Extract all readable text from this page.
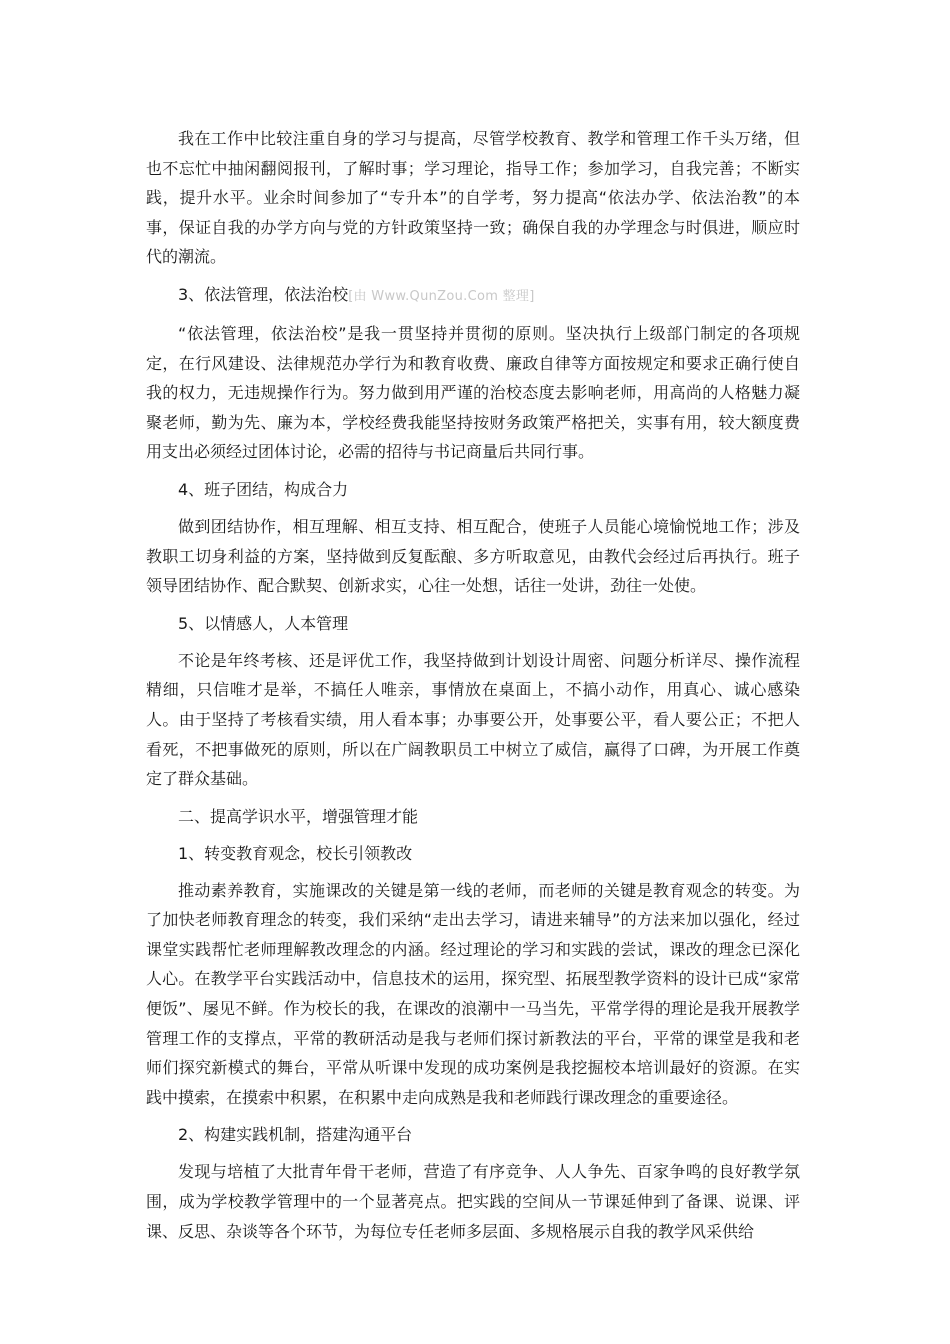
我在工作中比较注重自身的学习与提高，尽管学校教育、教学和管理工作千头万绪，但也不忘忙中抽闲翻阅报刊，了解时事；学习理论，指导工作；参加学习，自我完善；不断实践，提升水平。业余时间参加了“专升本”的自学考，努力提高“依法办学、依法治教”的本事，保证自我的办学方向与党的方针政策坚持一致；确保自我的办学理念与时俱进，顺应时代的潮流。

3、依法管理，依法治校[由 Www.QunZou.Com 整理]

“依法管理，依法治校”是我一贯坚持并贯彻的原则。坚决执行上级部门制定的各项规定，在行风建设、法律规范办学行为和教育收费、廉政自律等方面按规定和要求正确行使自我的权力，无违规操作行为。努力做到用严谨的治校态度去影响老师，用高尚的人格魅力凝聚老师，勤为先、廉为本，学校经费我能坚持按财务政策严格把关，实事有用，较大额度费用支出必须经过团体讨论，必需的招待与书记商量后共同行事。

4、班子团结，构成合力

做到团结协作，相互理解、相互支持、相互配合，使班子人员能心境愉悦地工作；涉及教职工切身利益的方案，坚持做到反复酝酿、多方听取意见，由教代会经过后再执行。班子领导团结协作、配合默契、创新求实，心往一处想，话往一处讲，劲往一处使。

5、以情感人，人本管理

不论是年终考核、还是评优工作，我坚持做到计划设计周密、问题分析详尽、操作流程精细，只信唯才是举，不搞任人唯亲，事情放在桌面上，不搞小动作，用真心、诚心感染人。由于坚持了考核看实绩，用人看本事；办事要公开，处事要公平，看人要公正；不把人看死，不把事做死的原则，所以在广阔教职员工中树立了威信，赢得了口碑，为开展工作奠定了群众基础。

二、提高学识水平，增强管理才能

1、转变教育观念，校长引领教改

推动素养教育，实施课改的关键是第一线的老师，而老师的关键是教育观念的转变。为了加快老师教育理念的转变，我们采纳“走出去学习，请进来辅导”的方法来加以强化，经过课堂实践帮忙老师理解教改理念的内涵。经过理论的学习和实践的尝试，课改的理念已深化人心。在教学平台实践活动中，信息技术的运用，探究型、拓展型教学资料的设计已成“家常便饭”、屡见不鲜。作为校长的我，在课改的浪潮中一马当先，平常学得的理论是我开展教学管理工作的支撑点，平常的教研活动是我与老师们探讨新教法的平台，平常的课堂是我和老师们探究新模式的舞台，平常从听课中发现的成功案例是我挖掘校本培训最好的资源。在实践中摸索，在摸索中积累，在积累中走向成熟是我和老师践行课改理念的重要途径。

2、构建实践机制，搭建沟通平台

发现与培植了大批青年骨干老师，营造了有序竞争、人人争先、百家争鸣的良好教学氛围，成为学校教学管理中的一个显著亮点。把实践的空间从一节课延伸到了备课、说课、评课、反思、杂谈等各个环节，为每位专任老师多层面、多规格展示自我的教学风采供给
